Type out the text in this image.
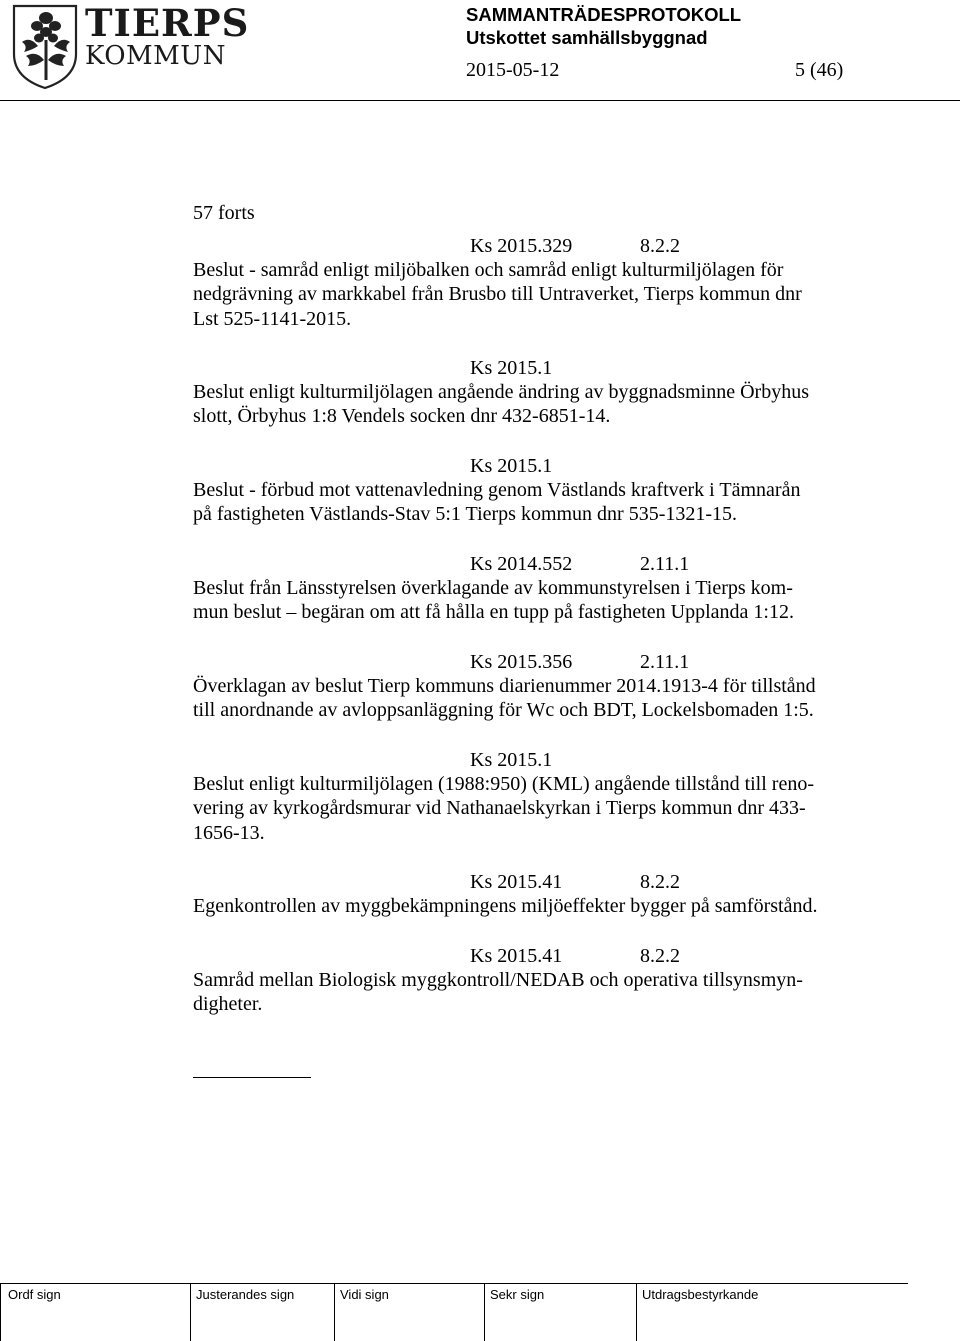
TIERPS
KOMMUN
SAMMANTRÄDESPROTOKOLL
Utskottet samhällsbyggnad
2015-05-12	5 (46)
57 forts
Ks 2015.329	8.2.2
Beslut - samråd enligt miljöbalken och samråd enligt kulturmiljölagen för
nedgrävning av markkabel från Brusbo till Untraverket, Tierps kommun dnr
Lst 525-1141-2015.
Ks 2015.1
Beslut enligt kulturmiljölagen angående ändring av byggnadsminne Örbyhus
slott, Örbyhus 1:8 Vendels socken dnr 432-6851-14.
Ks 2015.1
Beslut - förbud mot vattenavledning genom Västlands kraftverk i Tämnarån
på fastigheten Västlands-Stav 5:1 Tierps kommun dnr 535-1321-15.
Ks 2014.552	2.11.1
Beslut från Länsstyrelsen överklagande av kommunstyrelsen i Tierps kom-
mun beslut – begäran om att få hålla en tupp på fastigheten Upplanda 1:12.
Ks 2015.356	2.11.1
Överklagan av beslut Tierp kommuns diarienummer 2014.1913-4 för tillstånd
till anordnande av avloppsanläggning för Wc och BDT, Lockelsbomaden 1:5.
Ks 2015.1
Beslut enligt kulturmiljölagen (1988:950) (KML) angående tillstånd till reno-
vering av kyrkogårdsmurar vid Nathanaelskyrkan i Tierps kommun dnr 433-
1656-13.
Ks 2015.41	8.2.2
Egenkontrollen av myggbekämpningens miljöeffekter bygger på samförstånd.
Ks 2015.41	8.2.2
Samråd mellan Biologisk myggkontroll/NEDAB och operativa tillsynsmyn-
digheter.
Ordf sign	Justerandes sign	Vidi sign	Sekr sign	Utdragsbestyrkande
